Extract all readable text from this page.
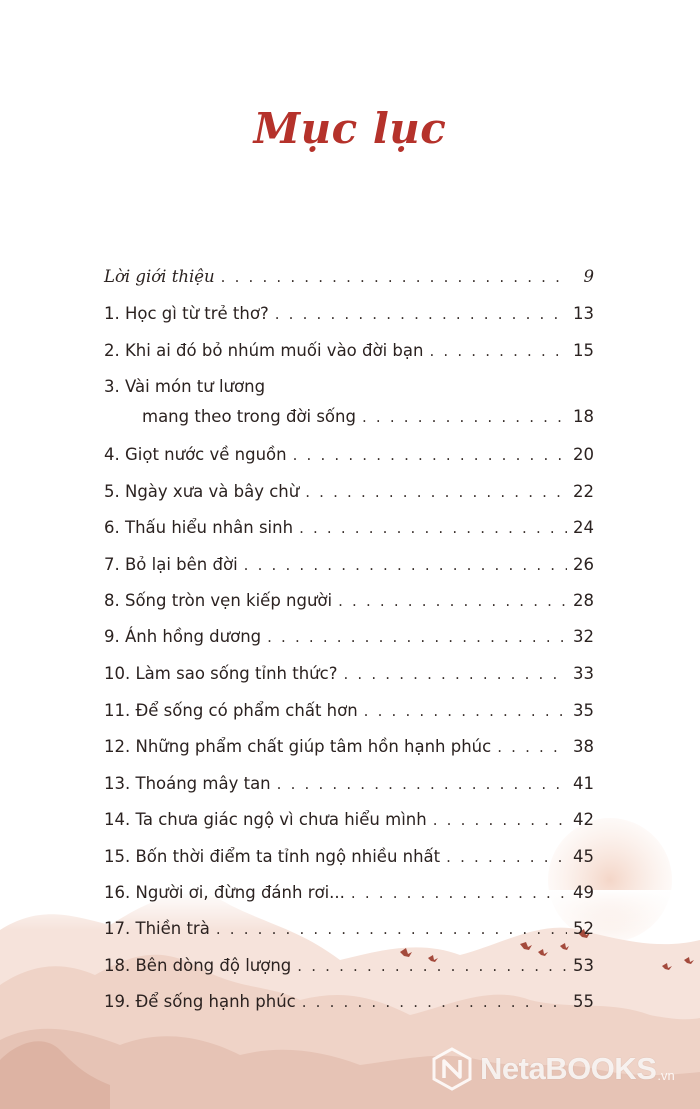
Mục lục
Lời giới thiệu . . .	9
1. Học gì từ trẻ thơ? . . .	13
2. Khi ai đó bỏ nhúm muối vào đời bạn . . .	15
3. Vài món tư lương
mang theo trong đời sống . . .	18
4. Giọt nước về nguồn . . .	20
5. Ngày xưa và bây chừ . . .	22
6. Thấu hiểu nhân sinh . . .	24
7. Bỏ lại bên đời . . .	26
8. Sống tròn vẹn kiếp người . . .	28
9. Ánh hồng dương . . .	32
10. Làm sao sống tỉnh thức? . . .	33
11. Để sống có phẩm chất hơn . . .	35
12. Những phẩm chất giúp tâm hồn hạnh phúc . . .	38
13. Thoáng mây tan . . .	41
14. Ta chưa giác ngộ vì chưa hiểu mình . . .	42
15. Bốn thời điểm ta tỉnh ngộ nhiều nhất . . .	45
16. Người ơi, đừng đánh rơi... . . .	49
17. Thiền trà . . .	52
18. Bên dòng độ lượng . . .	53
19. Để sống hạnh phúc . . .	55
NetaBOOKS .vn
